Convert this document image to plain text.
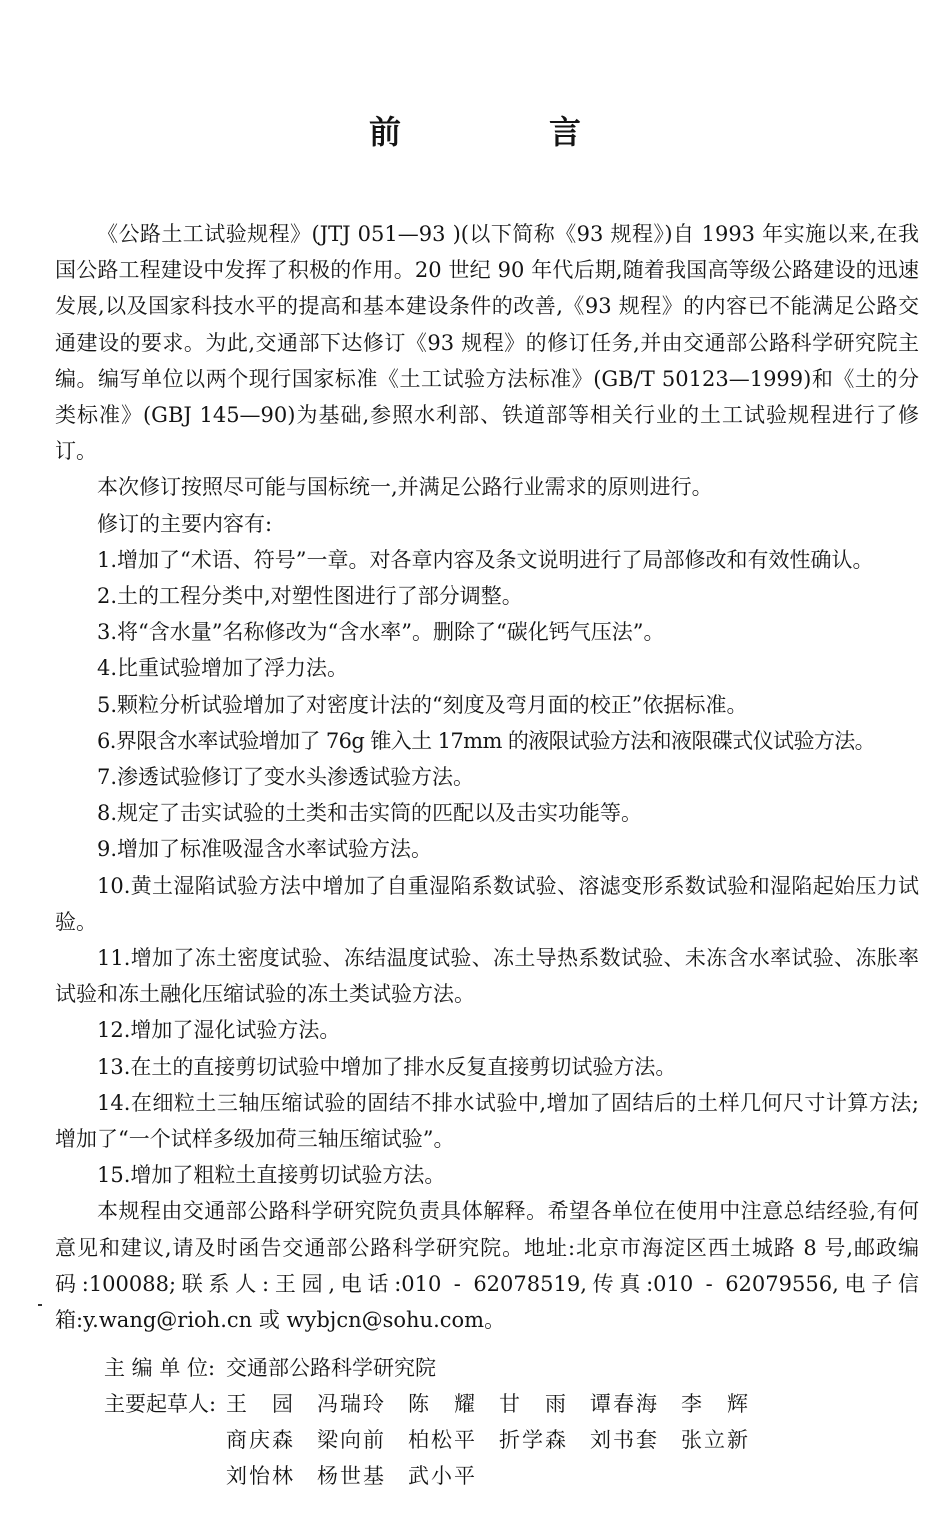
前　言

《公路土工试验规程》(JTJ 051—93 )(以下简称《93 规程》)自 1993 年实施以来,在我国公路工程建设中发挥了积极的作用。20 世纪 90 年代后期,随着我国高等级公路建设的迅速发展,以及国家科技水平的提高和基本建设条件的改善,《93 规程》的内容已不能满足公路交通建设的要求。为此,交通部下达修订《93 规程》的修订任务,并由交通部公路科学研究院主编。编写单位以两个现行国家标准《土工试验方法标准》(GB/T 50123—1999)和《土的分类标准》(GBJ 145—90)为基础,参照水利部、铁道部等相关行业的土工试验规程进行了修订。

本次修订按照尽可能与国标统一,并满足公路行业需求的原则进行。

修订的主要内容有:

1.增加了“术语、符号”一章。对各章内容及条文说明进行了局部修改和有效性确认。

2.土的工程分类中,对塑性图进行了部分调整。

3.将“含水量”名称修改为“含水率”。删除了“碳化钙气压法”。

4.比重试验增加了浮力法。

5.颗粒分析试验增加了对密度计法的“刻度及弯月面的校正”依据标准。

6.界限含水率试验增加了 76g 锥入土 17mm 的液限试验方法和液限碟式仪试验方法。

7.渗透试验修订了变水头渗透试验方法。

8.规定了击实试验的土类和击实筒的匹配以及击实功能等。

9.增加了标准吸湿含水率试验方法。

10.黄土湿陷试验方法中增加了自重湿陷系数试验、溶滤变形系数试验和湿陷起始压力试验。

11.增加了冻土密度试验、冻结温度试验、冻土导热系数试验、未冻含水率试验、冻胀率试验和冻土融化压缩试验的冻土类试验方法。

12.增加了湿化试验方法。

13.在土的直接剪切试验中增加了排水反复直接剪切试验方法。

14.在细粒土三轴压缩试验的固结不排水试验中,增加了固结后的土样几何尺寸计算方法;增加了“一个试样多级加荷三轴压缩试验”。

15.增加了粗粒土直接剪切试验方法。

本规程由交通部公路科学研究院负责具体解释。希望各单位在使用中注意总结经验,有何意见和建议,请及时函告交通部公路科学研究院。地址:北京市海淀区西土城路 8 号,邮政编码:100088;联系人:王园,电话:010 - 62078519,传真:010 - 62079556,电子信箱:y.wang@rioh.cn 或 wybjcn@sohu.com。

主 编 单 位: 交通部公路科学研究院
主要起草人: 王　园	冯瑞玲	陈　耀	甘　雨	谭春海	李　辉
商庆森	梁向前	柏松平	折学森	刘书套	张立新
刘怡林	杨世基	武小平
